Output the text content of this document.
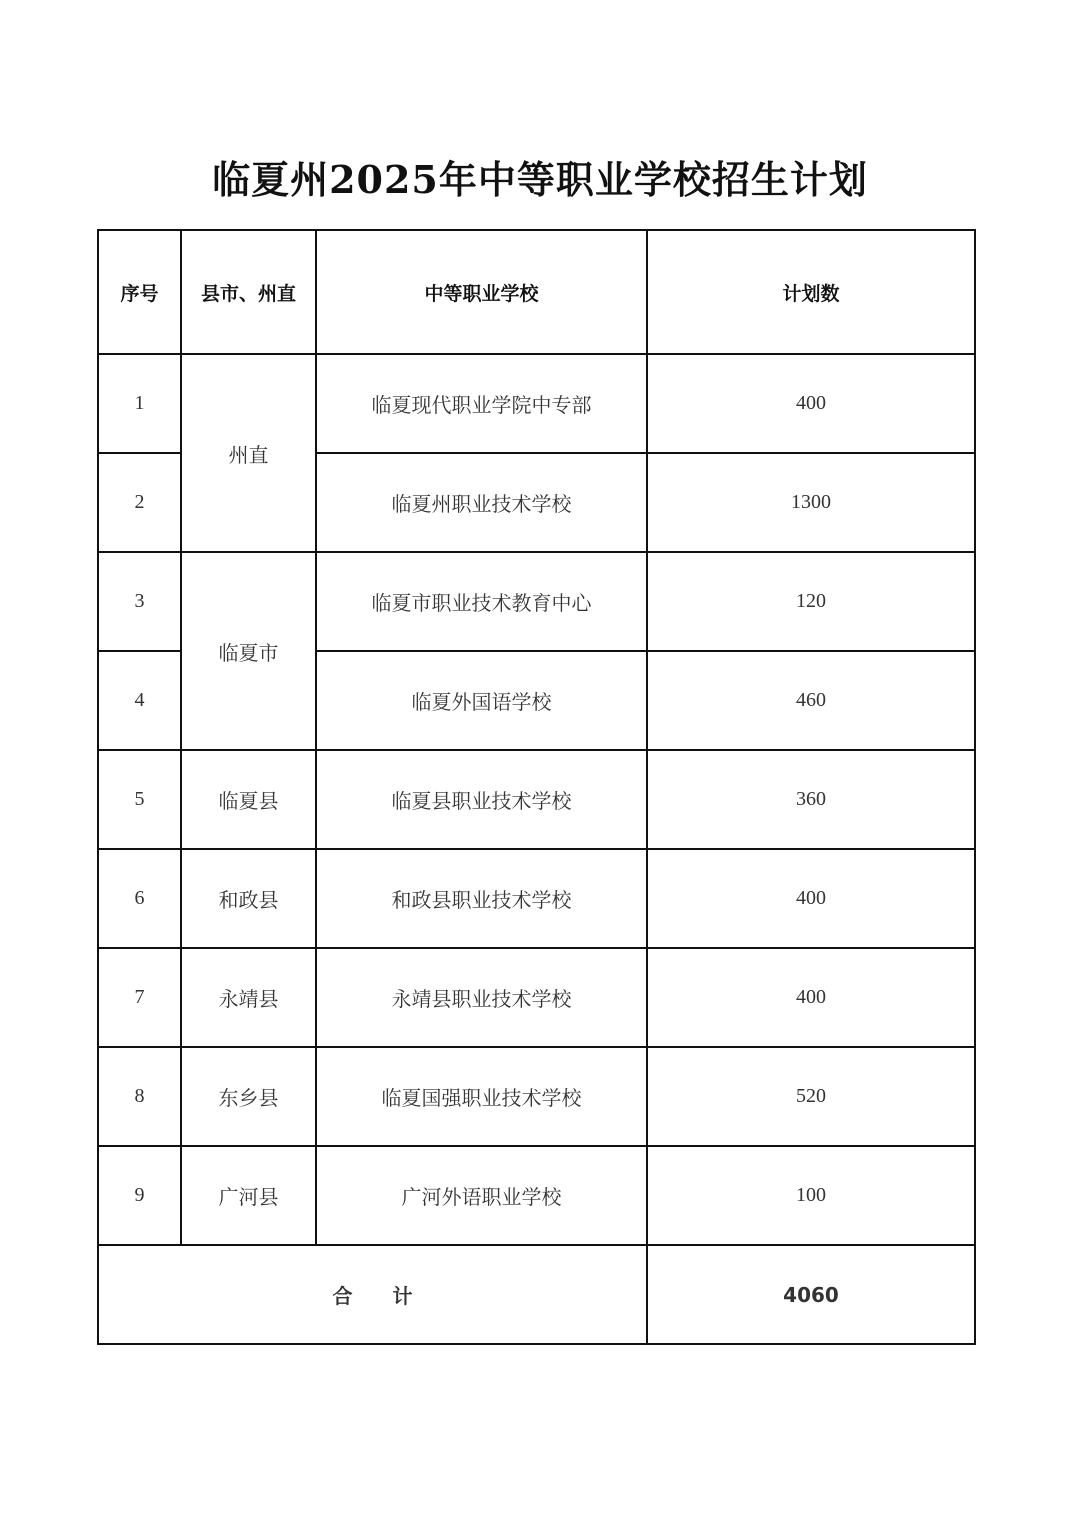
临夏州2025年中等职业学校招生计划
序号	县市、州直	中等职业学校	计划数
1	州直	临夏现代职业学院中专部	400
2		临夏州职业技术学校	1300
3	临夏市	临夏市职业技术教育中心	120
4		临夏外国语学校	460
5	临夏县	临夏县职业技术学校	360
6	和政县	和政县职业技术学校	400
7	永靖县	永靖县职业技术学校	400
8	东乡县	临夏国强职业技术学校	520
9	广河县	广河外语职业学校	100
合计			4060
